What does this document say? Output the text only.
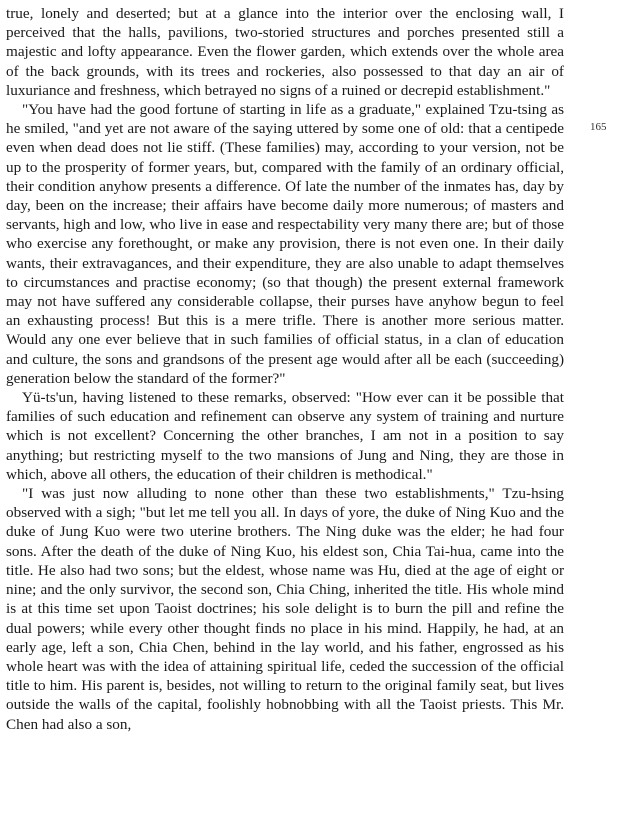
true, lonely and deserted; but at a glance into the interior over the enclosing wall, I perceived that the halls, pavilions, two-storied structures and porches presented still a majestic and lofty appearance. Even the flower garden, which extends over the whole area of the back grounds, with its trees and rockeries, also possessed to that day an air of luxuriance and freshness, which betrayed no signs of a ruined or decrepid establishment."

"You have had the good fortune of starting in life as a graduate," explained Tzu-tsing as he smiled, "and yet are not aware of the saying uttered by some one of old: that a centipede even when dead does not lie stiff. (These families) may, according to your version, not be up to the prosperity of former years, but, compared with the family of an ordinary official, their condition anyhow presents a difference. Of late the number of the inmates has, day by day, been on the increase; their affairs have become daily more numerous; of masters and servants, high and low, who live in ease and respectability very many there are; but of those who exercise any forethought, or make any provision, there is not even one. In their daily wants, their extravagances, and their expenditure, they are also unable to adapt themselves to circumstances and practise economy; (so that though) the present external framework may not have suffered any considerable collapse, their purses have anyhow begun to feel an exhausting process! But this is a mere trifle. There is another more serious matter. Would any one ever believe that in such families of official status, in a clan of education and culture, the sons and grandsons of the present age would after all be each (succeeding) generation below the standard of the former?"

Yü-ts'un, having listened to these remarks, observed: "How ever can it be possible that families of such education and refinement can observe any system of training and nurture which is not excellent? Concerning the other branches, I am not in a position to say anything; but restricting myself to the two mansions of Jung and Ning, they are those in which, above all others, the education of their children is methodical."

"I was just now alluding to none other than these two establishments," Tzu-hsing observed with a sigh; "but let me tell you all. In days of yore, the duke of Ning Kuo and the duke of Jung Kuo were two uterine brothers. The Ning duke was the elder; he had four sons. After the death of the duke of Ning Kuo, his eldest son, Chia Tai-hua, came into the title. He also had two sons; but the eldest, whose name was Hu, died at the age of eight or nine; and the only survivor, the second son, Chia Ching, inherited the title. His whole mind is at this time set upon Taoist doctrines; his sole delight is to burn the pill and refine the dual powers; while every other thought finds no place in his mind. Happily, he had, at an early age, left a son, Chia Chen, behind in the lay world, and his father, engrossed as his whole heart was with the idea of attaining spiritual life, ceded the succession of the official title to him. His parent is, besides, not willing to return to the original family seat, but lives outside the walls of the capital, foolishly hobnobbing with all the Taoist priests. This Mr. Chen had also a son,

165
